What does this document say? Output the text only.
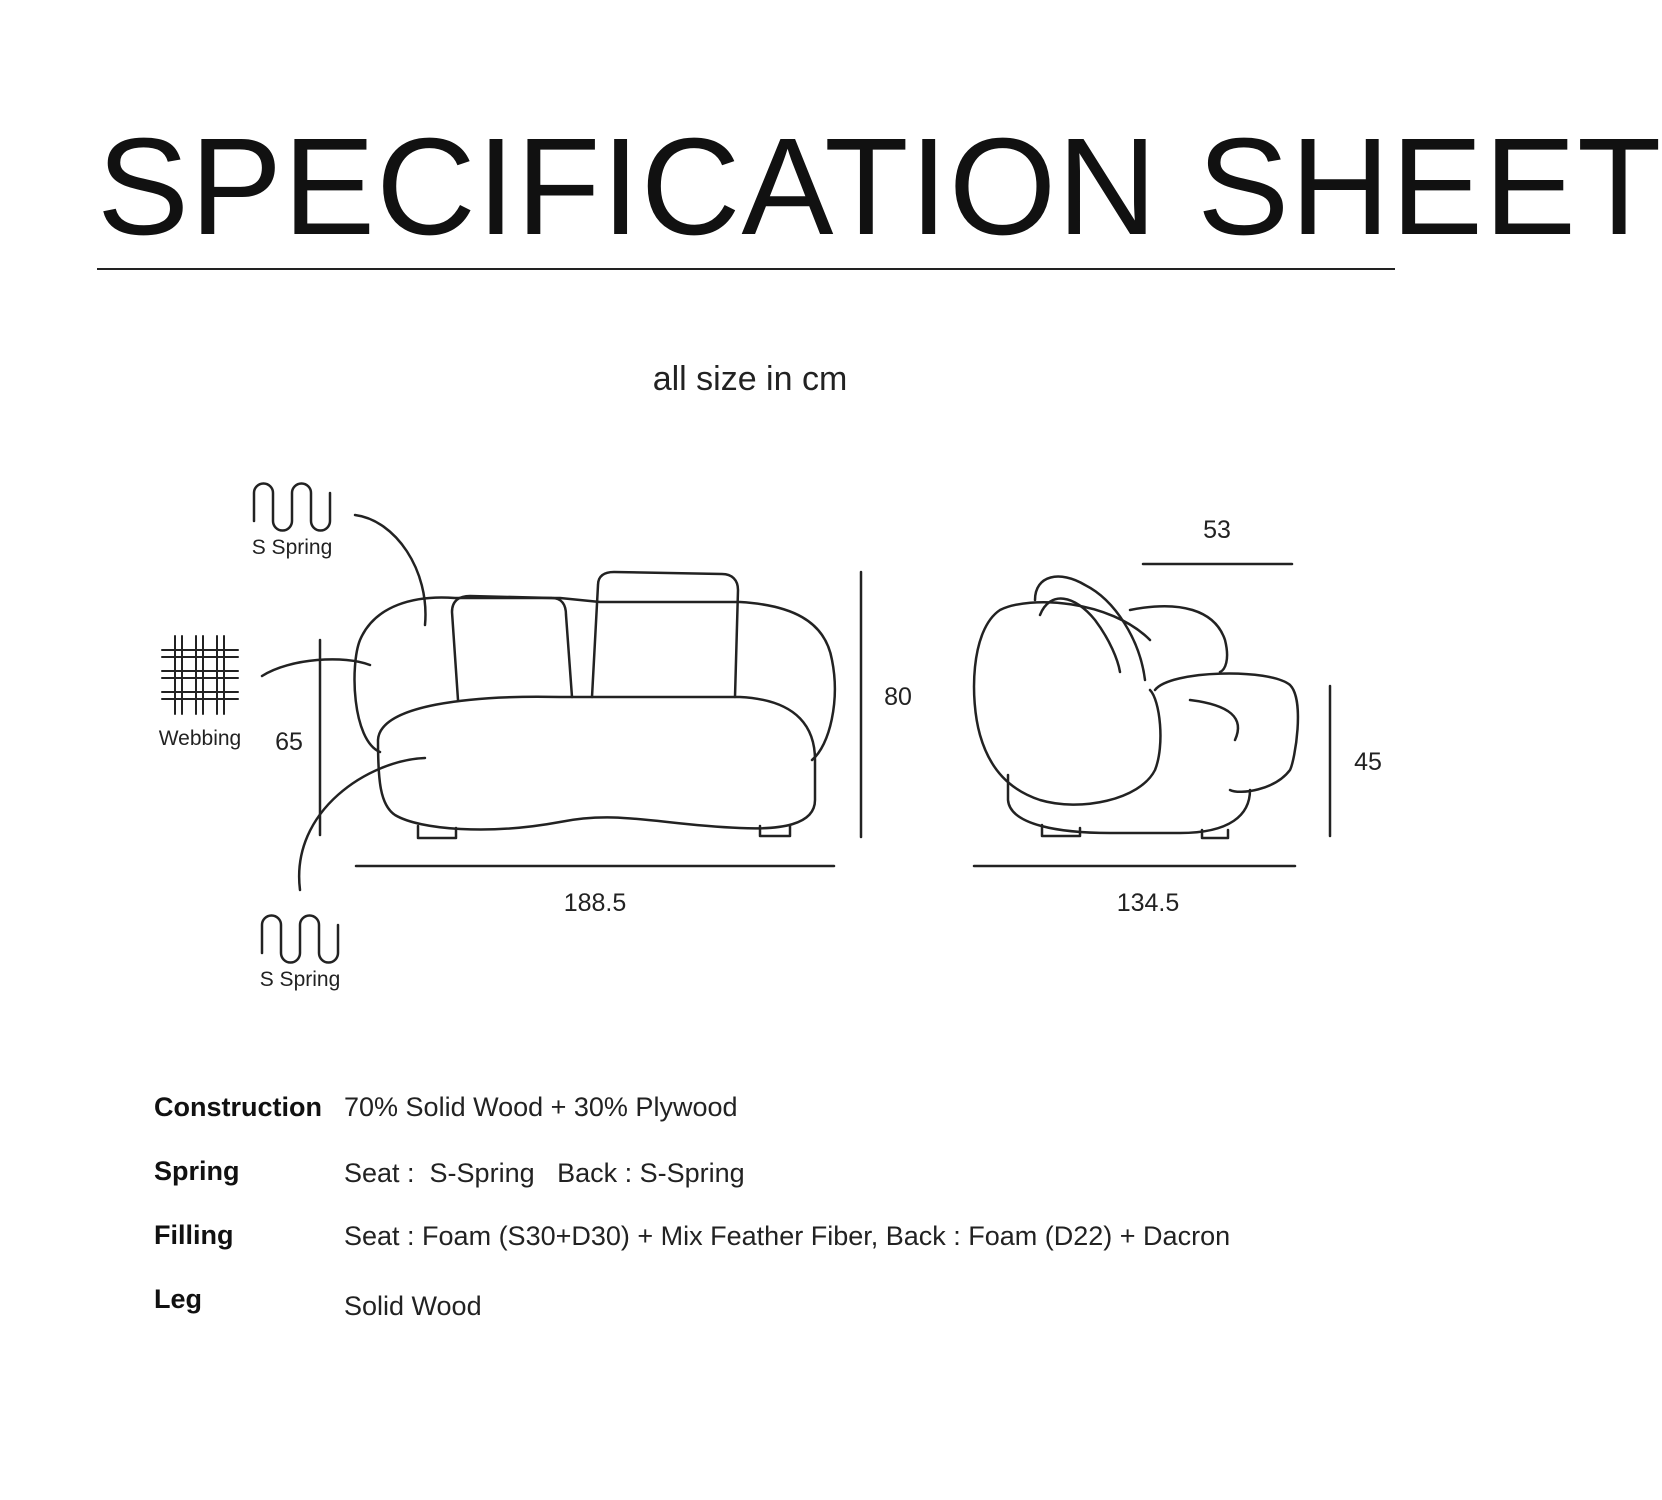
SPECIFICATION SHEET
all size in cm
S Spring
Webbing
S Spring
65
80
188.5
53
45
134.5
Construction 70% Solid Wood + 30% Plywood
Spring	Seat :  S-Spring   Back : S-Spring
Filling	Seat : Foam (S30+D30) + Mix Feather Fiber, Back : Foam (D22) + Dacron
Leg	Solid Wood
